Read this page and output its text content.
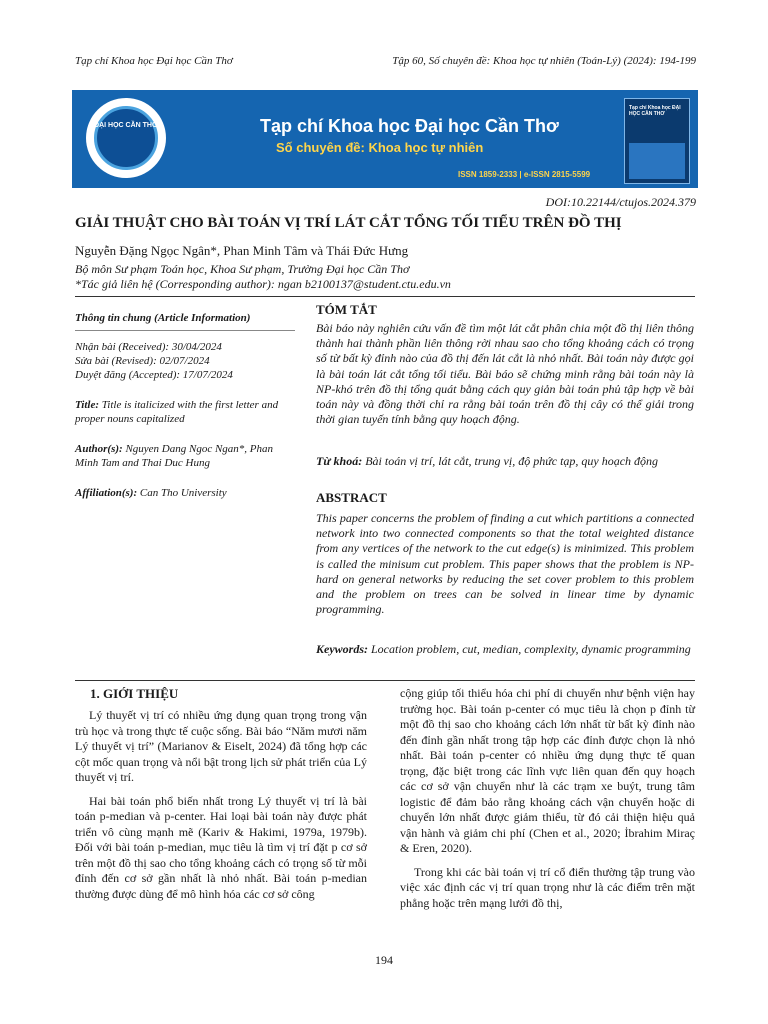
Tạp chí Khoa học Đại học Cần Thơ	Tập 60, Số chuyên đề: Khoa học tự nhiên (Toán-Lý) (2024): 194-199
ĐẠI HỌC CẦN THƠ	Tạp chí Khoa học Đại học Cần Thơ
Số chuyên đề: Khoa học tự nhiên
ISSN 1859-2333 | e-ISSN 2815-5599
Tạp chí Khoa học ĐẠI HỌC CẦN THƠ
DOI:10.22144/ctujos.2024.379
GIẢI THUẬT CHO BÀI TOÁN VỊ TRÍ LÁT CẮT TỔNG TỐI TIỂU TRÊN ĐỒ THỊ
Nguyễn Đặng Ngọc Ngân*, Phan Minh Tâm và Thái Đức Hưng
Bộ môn Sư phạm Toán học, Khoa Sư phạm, Trường Đại học Cần Thơ
*Tác giả liên hệ (Corresponding author): ngan b2100137@student.ctu.edu.vn
Thông tin chung (Article Information)
Nhận bài (Received): 30/04/2024
Sửa bài (Revised): 02/07/2024
Duyệt đăng (Accepted): 17/07/2024
Title: Title is italicized with the first letter and proper nouns capitalized
Author(s): Nguyen Dang Ngoc Ngan*, Phan Minh Tam and Thai Duc Hung
Affiliation(s): Can Tho University
TÓM TẮT
Bài báo này nghiên cứu vấn đề tìm một lát cắt phân chia một đồ thị liên thông thành hai thành phần liên thông rời nhau sao cho tổng khoảng cách có trọng số từ bất kỳ đỉnh nào của đồ thị đến lát cắt là nhỏ nhất. Bài toán này được gọi là bài toán lát cắt tổng tối tiểu. Bài báo sẽ chứng minh rằng bài toán này là NP-khó trên đồ thị tổng quát bằng cách quy giản bài toán phủ tập hợp về bài toán này và đồng thời chỉ ra rằng bài toán trên đồ thị cây có thể giải trong thời gian tuyến tính bằng quy hoạch động.
Từ khoá: Bài toán vị trí, lát cắt, trung vị, độ phức tạp, quy hoạch động
ABSTRACT
This paper concerns the problem of finding a cut which partitions a connected network into two connected components so that the total weighted distance from any vertices of the network to the cut edge(s) is minimized. This problem is called the minisum cut problem. This paper shows that the problem is NP-hard on general networks by reducing the set cover problem to this problem and the problem on trees can be solved in linear time by dynamic programming.
Keywords: Location problem, cut, median, complexity, dynamic programming
1. GIỚI THIỆU

Lý thuyết vị trí có nhiều ứng dụng quan trọng trong vận trù học và trong thực tế cuộc sống. Bài báo “Năm mươi năm Lý thuyết vị trí” (Marianov & Eiselt, 2024) đã tổng hợp các cột mốc quan trọng và nổi bật trong lịch sử phát triển của Lý thuyết vị trí.

Hai bài toán phổ biến nhất trong Lý thuyết vị trí là bài toán p-median và p-center. Hai loại bài toán này được phát triển vô cùng mạnh mẽ (Kariv & Hakimi, 1979a, 1979b). Đối với bài toán p-median, mục tiêu là tìm vị trí đặt p cơ sở trên một đồ thị sao cho tổng khoảng cách có trọng số từ mỗi đỉnh đến cơ sở gần nhất là nhỏ nhất. Bài toán p-median thường được dùng để mô hình hóa các cơ sở công

cộng giúp tối thiểu hóa chi phí di chuyển như bệnh viện hay trường học. Bài toán p-center có mục tiêu là chọn p đỉnh từ một đồ thị sao cho khoảng cách lớn nhất từ bất kỳ đỉnh nào đến đỉnh gần nhất trong tập hợp các đỉnh được chọn là nhỏ nhất. Bài toán p-center có nhiều ứng dụng thực tế quan trọng, đặc biệt trong các lĩnh vực liên quan đến quy hoạch các cơ sở vận chuyển như là các trạm xe buýt, trung tâm logistic để đảm bảo rằng khoảng cách vận chuyển hoặc di chuyển lớn nhất được giảm thiểu, từ đó cải thiện hiệu quả vận hành và giảm chi phí (Chen et al., 2020; İbrahim Miraç & Eren, 2020).

Trong khi các bài toán vị trí cổ điển thường tập trung vào việc xác định các vị trí quan trọng như là các điểm trên mặt phẳng hoặc trên mạng lưới đồ thị,

194
